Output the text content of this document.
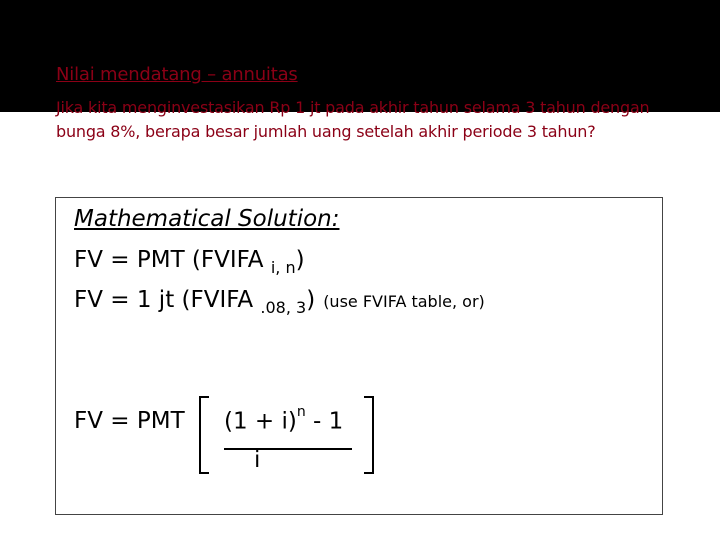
Nilai mendatang – annuitas

Jika kita menginvestasikan Rp 1 jt pada akhir tahun selama 3 tahun dengan bunga 8%, berapa besar jumlah uang setelah akhir periode 3 tahun?

Mathematical Solution:
FV = PMT (FVIFA $_{i, n}$)
FV = 1 jt (FVIFA $_{.08, 3}$) (use FVIFA table, or)
FV = PMT $(1 + i)^n - 1$
i
